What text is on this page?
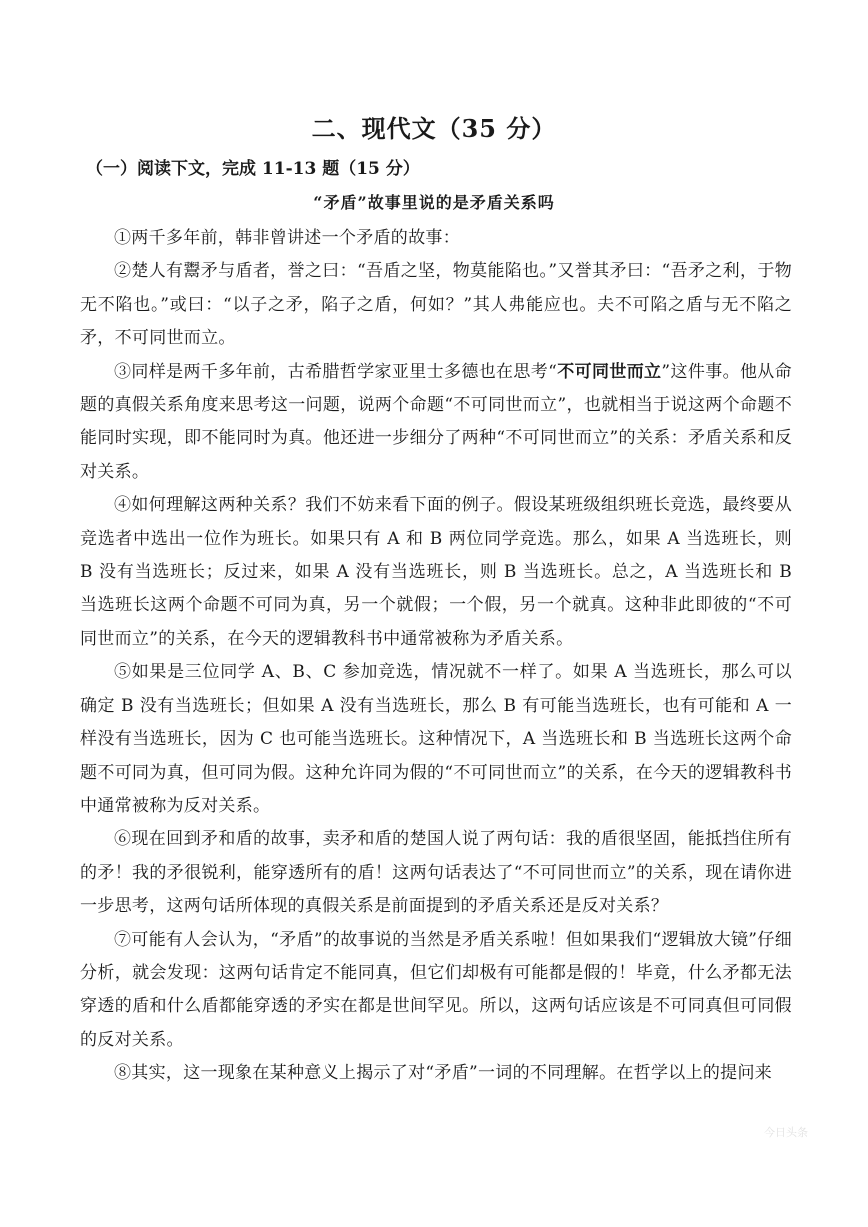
二、现代文（35 分）
（一）阅读下文，完成 11-13 题（15 分）
“矛盾”故事里说的是矛盾关系吗

①两千多年前，韩非曾讲述一个矛盾的故事：

②楚人有鬻矛与盾者，誉之曰：“吾盾之坚，物莫能陷也。”又誉其矛曰：“吾矛之利，于物无不陷也。”或曰：“以子之矛，陷子之盾，何如？”其人弗能应也。夫不可陷之盾与无不陷之矛，不可同世而立。

③同样是两千多年前，古希腊哲学家亚里士多德也在思考“不可同世而立”这件事。他从命题的真假关系角度来思考这一问题，说两个命题“不可同世而立”，也就相当于说这两个命题不能同时实现，即不能同时为真。他还进一步细分了两种“不可同世而立”的关系：矛盾关系和反对关系。

④如何理解这两种关系？我们不妨来看下面的例子。假设某班级组织班长竞选，最终要从竞选者中选出一位作为班长。如果只有 A 和 B 两位同学竞选。那么，如果 A 当选班长，则 B 没有当选班长；反过来，如果 A 没有当选班长，则 B 当选班长。总之，A 当选班长和 B 当选班长这两个命题不可同为真，另一个就假；一个假，另一个就真。这种非此即彼的“不可同世而立”的关系，在今天的逻辑教科书中通常被称为矛盾关系。

⑤如果是三位同学 A、B、C 参加竞选，情况就不一样了。如果 A 当选班长，那么可以确定 B 没有当选班长；但如果 A 没有当选班长，那么 B 有可能当选班长，也有可能和 A 一样没有当选班长，因为 C 也可能当选班长。这种情况下，A 当选班长和 B 当选班长这两个命题不可同为真，但可同为假。这种允许同为假的“不可同世而立”的关系，在今天的逻辑教科书中通常被称为反对关系。

⑥现在回到矛和盾的故事，卖矛和盾的楚国人说了两句话：我的盾很坚固，能抵挡住所有的矛！我的矛很锐利，能穿透所有的盾！这两句话表达了“不可同世而立”的关系，现在请你进一步思考，这两句话所体现的真假关系是前面提到的矛盾关系还是反对关系？

⑦可能有人会认为，“矛盾”的故事说的当然是矛盾关系啦！但如果我们“逻辑放大镜”仔细分析，就会发现：这两句话肯定不能同真，但它们却极有可能都是假的！毕竟，什么矛都无法穿透的盾和什么盾都能穿透的矛实在都是世间罕见。所以，这两句话应该是不可同真但可同假的反对关系。

⑧其实，这一现象在某种意义上揭示了对“矛盾”一词的不同理解。在哲学以上的提问来

今日头条
